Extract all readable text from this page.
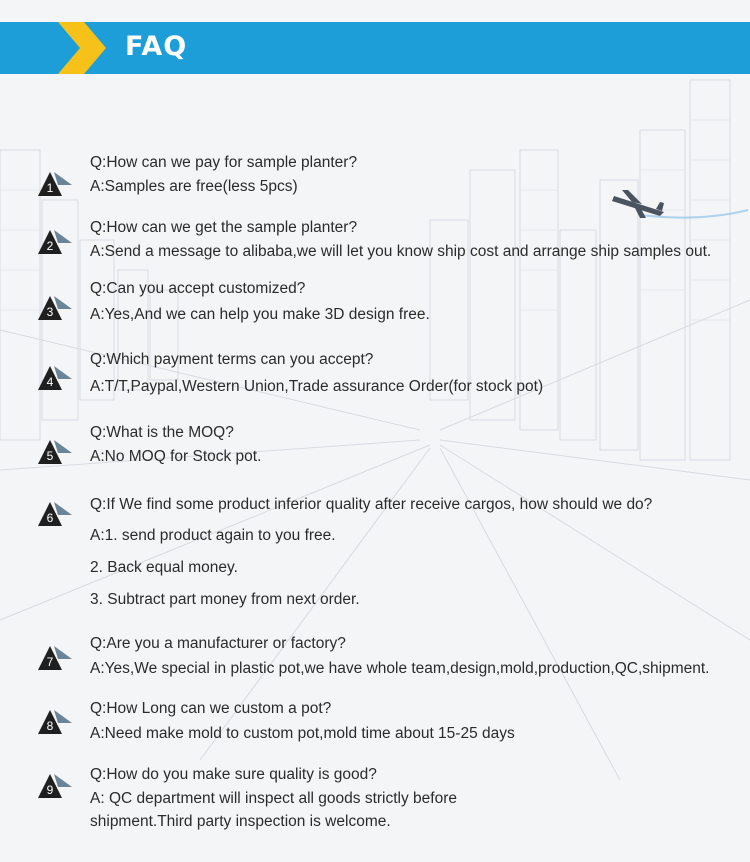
FAQ
1
Q:How can we pay for sample planter?
A:Samples are free(less 5pcs)
2
Q:How can we get the sample planter?
A:Send a message to alibaba,we will let you know ship cost and arrange ship samples out.
3
Q:Can you accept customized?
A:Yes,And we can help you make 3D design free.
4
Q:Which payment terms can you accept?
A:T/T,Paypal,Western Union,Trade assurance Order(for stock pot)
5
Q:What is the MOQ?
A:No MOQ for Stock pot.
6
Q:If We find some product inferior quality after receive cargos, how should we do?
A:1. send product again to you free.
2. Back equal money.
3. Subtract part money from next order.
7
Q:Are you a manufacturer or factory?
A:Yes,We special in plastic pot,we have whole team,design,mold,production,QC,shipment.
8
Q:How Long can we custom a pot?
A:Need make mold to custom pot,mold time about 15-25 days
9
Q:How do you make sure quality is good?
A: QC department will inspect all goods strictly before
shipment.Third party inspection is welcome.
